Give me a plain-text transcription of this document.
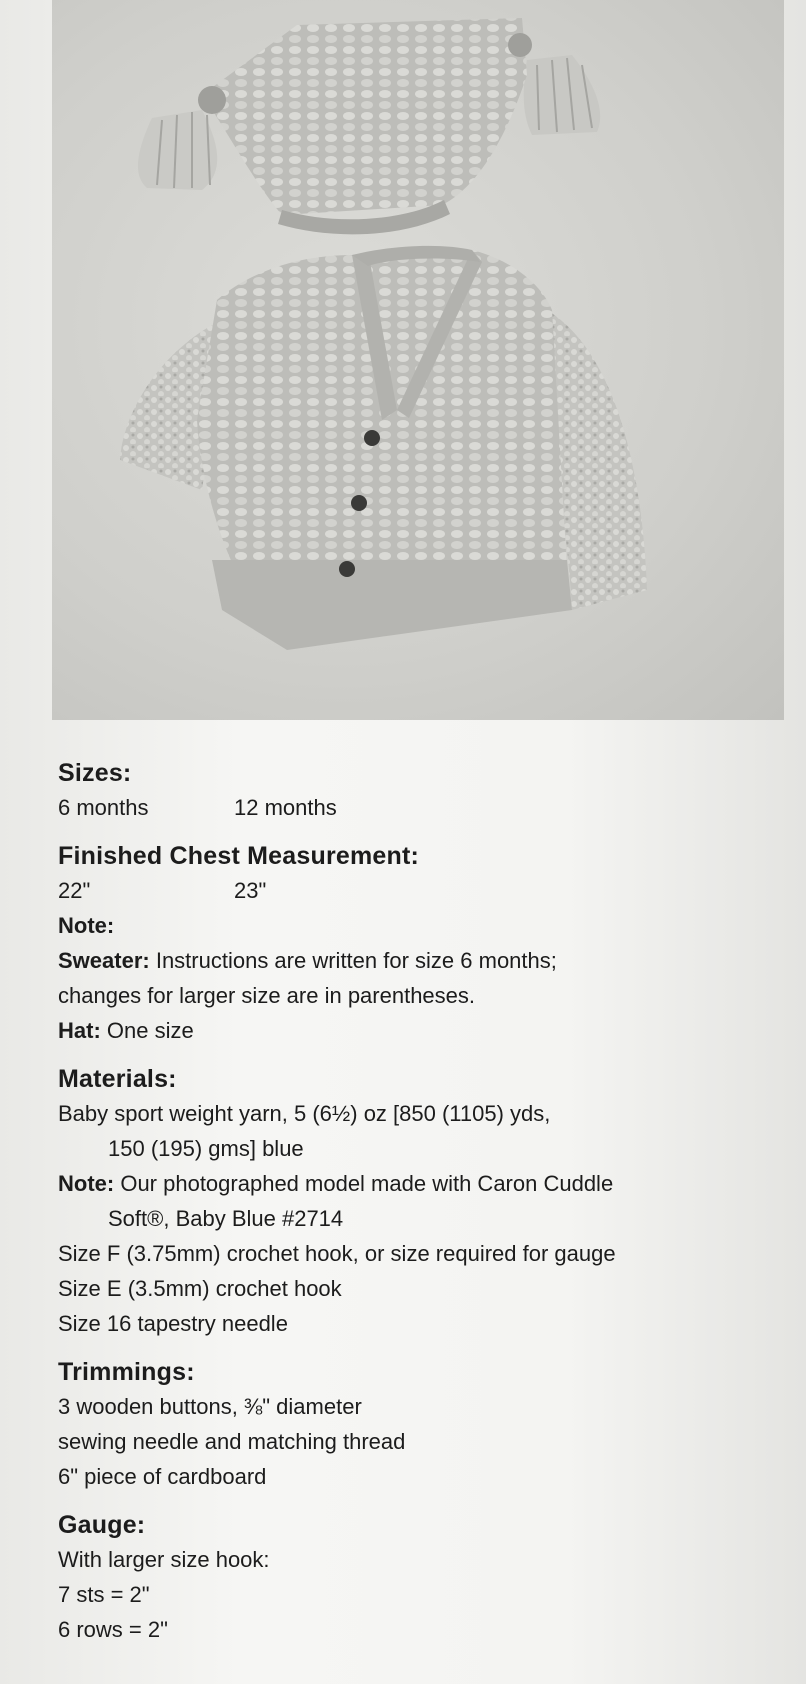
Sizes:
6 months	12 months
Finished Chest Measurement:
22"	23"
Note:
Sweater: Instructions are written for size 6 months;
changes for larger size are in parentheses.
Hat: One size
Materials:
Baby sport weight yarn, 5 (6½) oz [850 (1105) yds,
150 (195) gms] blue
Note: Our photographed model made with Caron Cuddle
Soft®, Baby Blue #2714
Size F (3.75mm) crochet hook, or size required for gauge
Size E (3.5mm) crochet hook
Size 16 tapestry needle
Trimmings:
3 wooden buttons, ⅜" diameter
sewing needle and matching thread
6" piece of cardboard
Gauge:
With larger size hook:
7 sts = 2"
6 rows = 2"
